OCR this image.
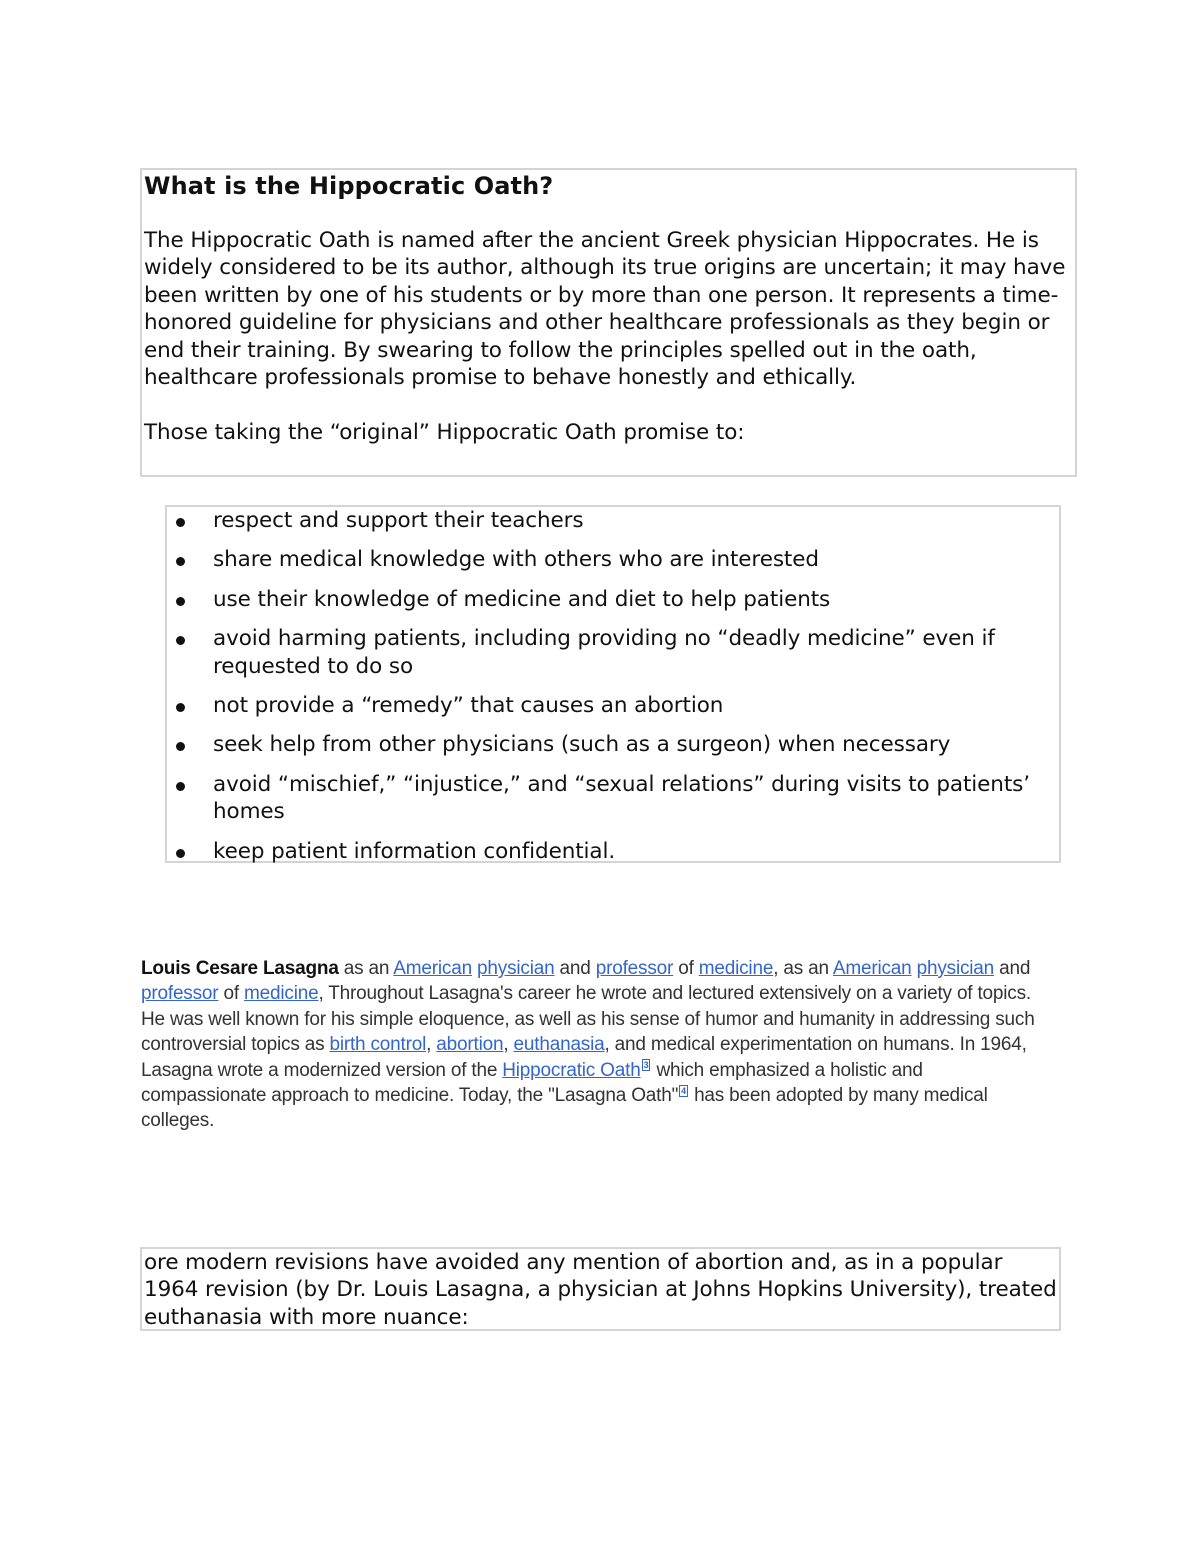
What is the Hippocratic Oath?

The Hippocratic Oath is named after the ancient Greek physician Hippocrates. He is widely considered to be its author, although its true origins are uncertain; it may have been written by one of his students or by more than one person. It represents a time-honored guideline for physicians and other healthcare professionals as they begin or end their training. By swearing to follow the principles spelled out in the oath, healthcare professionals promise to behave honestly and ethically.

Those taking the “original” Hippocratic Oath promise to:

respect and support their teachers
share medical knowledge with others who are interested
use their knowledge of medicine and diet to help patients
avoid harming patients, including providing no “deadly medicine” even if requested to do so
not provide a “remedy” that causes an abortion
seek help from other physicians (such as a surgeon) when necessary
avoid “mischief,” “injustice,” and “sexual relations” during visits to patients’ homes
keep patient information confidential.
Louis Cesare Lasagna as an American physician and professor of medicine, as an American physician and professor of medicine, Throughout Lasagna's career he wrote and lectured extensively on a variety of topics. He was well known for his simple eloquence, as well as his sense of humor and humanity in addressing such controversial topics as birth control, abortion, euthanasia, and medical experimentation on humans. In 1964, Lasagna wrote a modernized version of the Hippocratic Oath 3 which emphasized a holistic and compassionate approach to medicine. Today, the "Lasagna Oath" 4 has been adopted by many medical colleges.

ore modern revisions have avoided any mention of abortion and, as in a popular 1964 revision (by Dr. Louis Lasagna, a physician at Johns Hopkins University), treated euthanasia with more nuance:
